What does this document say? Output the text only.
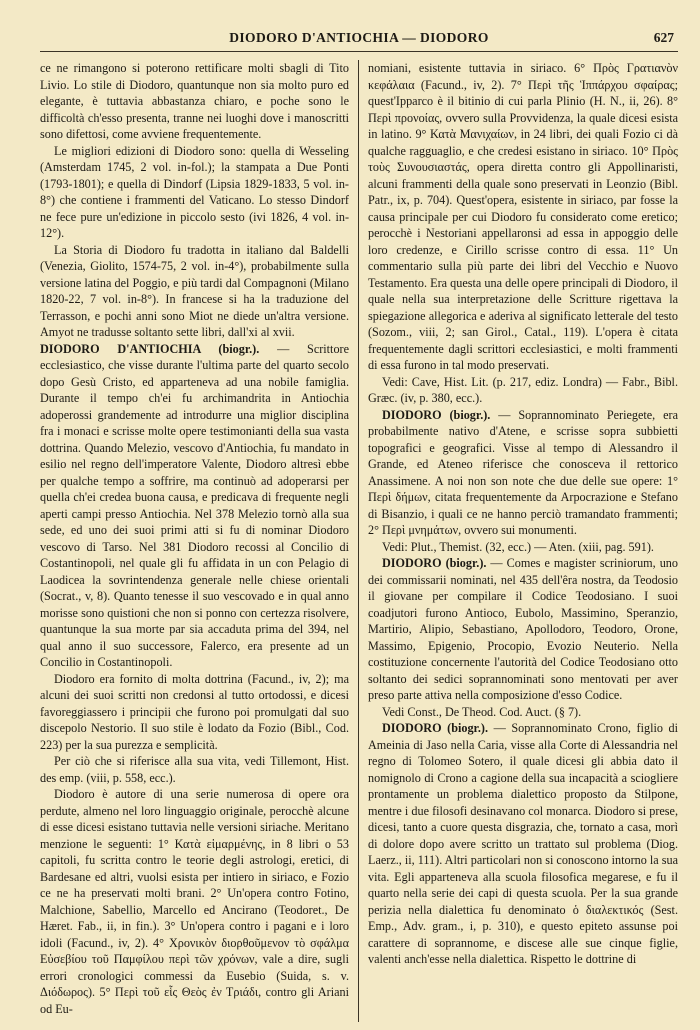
DIODORO D'ANTIOCHIA — DIODORO	627

ce ne rimangono si poterono rettificare molti sbagli di Tito Livio. Lo stile di Diodoro, quantunque non sia molto puro ed elegante, è tuttavia abbastanza chiaro, e poche sono le difficoltà ch'esso presenta, tranne nei luoghi dove i manoscritti sono difettosi, come avviene frequentemente.

Le migliori edizioni di Diodoro sono: quella di Wesseling (Amsterdam 1745, 2 vol. in-fol.); la stampata a Due Ponti (1793-1801); e quella di Dindorf (Lipsia 1829-1833, 5 vol. in-8°) che contiene i frammenti del Vaticano. Lo stesso Dindorf ne fece pure un'edizione in piccolo sesto (ivi 1826, 4 vol. in-12°).

La Storia di Diodoro fu tradotta in italiano dal Baldelli (Venezia, Giolito, 1574-75, 2 vol. in-4°), probabilmente sulla versione latina del Poggio, e più tardi dal Compagnoni (Milano 1820-22, 7 vol. in-8°). In francese si ha la traduzione del Terrasson, e pochi anni sono Miot ne diede un'altra versione. Amyot ne tradusse soltanto sette libri, dall'xi al xvii.

DIODORO D'ANTIOCHIA (biogr.). — Scrittore ecclesiastico, che visse durante l'ultima parte del quarto secolo dopo Gesù Cristo, ed apparteneva ad una nobile famiglia. Durante il tempo ch'ei fu archimandrita in Antiochia adoperossi grandemente ad introdurre una miglior disciplina fra i monaci e scrisse molte opere testimonianti della sua vasta dottrina. Quando Melezio, vescovo d'Antiochia, fu mandato in esilio nel regno dell'imperatore Valente, Diodoro altresì ebbe per qualche tempo a soffrire, ma continuò ad adoperarsi per quella ch'ei credea buona causa, e predicava di frequente negli aperti campi presso Antiochia. Nel 378 Melezio tornò alla sua sede, ed uno dei suoi primi atti si fu di nominar Diodoro vescovo di Tarso. Nel 381 Diodoro recossi al Concilio di Costantinopoli, nel quale gli fu affidata in un con Pelagio di Laodicea la sovrintendenza generale nelle chiese orientali (Socrat., v, 8). Quanto tenesse il suo vescovado e in qual anno morisse sono quistioni che non si ponno con certezza risolvere, quantunque la sua morte par sia accaduta prima del 394, nel qual anno il suo successore, Falerco, era presente ad un Concilio in Costantinopoli.

Diodoro era fornito di molta dottrina (Facund., iv, 2); ma alcuni dei suoi scritti non credonsi al tutto ortodossi, e dicesi favoreggiassero i principii che furono poi promulgati dal suo discepolo Nestorio. Il suo stile è lodato da Fozio (Bibl., Cod. 223) per la sua purezza e semplicità.

Per ciò che si riferisce alla sua vita, vedi Tillemont, Hist. des emp. (viii, p. 558, ecc.).

Diodoro è autore di una serie numerosa di opere ora perdute, almeno nel loro linguaggio originale, perocchè alcune di esse dicesi esistano tuttavia nelle versioni siriache. Meritano menzione le seguenti: 1° Κατὰ εἱμαρμένης, in 8 libri o 53 capitoli, fu scritta contro le teorie degli astrologi, eretici, di Bardesane ed altri, vuolsi esista per intiero in siriaco, e Fozio ce ne ha preservati molti brani. 2° Un'opera contro Fotino, Malchione, Sabellio, Marcello ed Ancirano (Teodoret., De Hæret. Fab., ii, in fin.). 3° Un'opera contro i pagani e i loro idoli (Facund., iv, 2). 4° Χρονικὸν διορθοῦμενον τὸ σφάλμα Εὐσεβίου τοῦ Παμφίλου περὶ τῶν χρόνων, vale a dire, sugli errori cronologici commessi da Eusebio (Suida, s. v. Διόδωρος). 5° Περὶ τοῦ εἷς Θεὸς ἐν Τριάδι, contro gli Ariani od Eu-

nomiani, esistente tuttavia in siriaco. 6° Πρὸς Γρατιανὸν κεφάλαια (Facund., iv, 2). 7° Περὶ τῆς Ἱππάρχου σφαίρας; quest'Ipparco è il bitinio di cui parla Plinio (H. N., ii, 26). 8° Περὶ προνοίας, ovvero sulla Provvidenza, la quale dicesi esista in latino. 9° Κατὰ Μανιχαίων, in 24 libri, dei quali Fozio ci dà qualche ragguaglio, e che credesi esistano in siriaco. 10° Πρὸς τοὺς Συνουσιαστάς, opera diretta contro gli Appollinaristi, alcuni frammenti della quale sono preservati in Leonzio (Bibl. Patr., ix, p. 704). Quest'opera, esistente in siriaco, par fosse la causa principale per cui Diodoro fu considerato come eretico; perocchè i Nestoriani appellaronsi ad essa in appoggio delle loro credenze, e Cirillo scrisse contro di essa. 11° Un commentario sulla più parte dei libri del Vecchio e Nuovo Testamento. Era questa una delle opere principali di Diodoro, il quale nella sua interpretazione delle Scritture rigettava la spiegazione allegorica e aderiva al significato letterale del testo (Sozom., viii, 2; san Girol., Catal., 119). L'opera è citata frequentemente dagli scrittori ecclesiastici, e molti frammenti di essa furono in tal modo preservati.

Vedi: Cave, Hist. Lit. (p. 217, ediz. Londra) — Fabr., Bibl. Græc. (iv, p. 380, ecc.).

DIODORO (biogr.). — Soprannominato Periegete, era probabilmente nativo d'Atene, e scrisse sopra subbietti topografici e geografici. Visse al tempo di Alessandro il Grande, ed Ateneo riferisce che conosceva il rettorico Anassimene. A noi non son note che due delle sue opere: 1° Περὶ δήμων, citata frequentemente da Arpocrazione e Stefano di Bisanzio, i quali ce ne hanno perciò tramandato frammenti; 2° Περὶ μνημάτων, ovvero sui monumenti.

Vedi: Plut., Themist. (32, ecc.) — Aten. (xiii, pag. 591).

DIODORO (biogr.). — Comes e magister scriniorum, uno dei commissarii nominati, nel 435 dell'êra nostra, da Teodosio il giovane per compilare il Codice Teodosiano. I suoi coadjutori furono Antioco, Eubolo, Massimino, Speranzio, Martirio, Alipio, Sebastiano, Apollodoro, Teodoro, Orone, Massimo, Epigenio, Procopio, Evozio Neuterio. Nella costituzione concernente l'autorità del Codice Teodosiano otto soltanto dei sedici soprannominati sono mentovati per aver preso parte attiva nella composizione d'esso Codice.

Vedi Const., De Theod. Cod. Auct. (§ 7).

DIODORO (biogr.). — Soprannominato Crono, figlio di Ameinia di Jaso nella Caria, visse alla Corte di Alessandria nel regno di Tolomeo Sotero, il quale dicesi gli abbia dato il nomignolo di Crono a cagione della sua incapacità a sciogliere prontamente un problema dialettico proposto da Stilpone, mentre i due filosofi desinavano col monarca. Diodoro si prese, dicesi, tanto a cuore questa disgrazia, che, tornato a casa, morì di dolore dopo avere scritto un trattato sul problema (Diog. Laerz., ii, 111). Altri particolari non si conoscono intorno la sua vita. Egli apparteneva alla scuola filosofica megarese, e fu il quarto nella serie dei capi di questa scuola. Per la sua grande perizia nella dialettica fu denominato ὁ διαλεκτικός (Sest. Emp., Adv. gram., i, p. 310), e questo epiteto assunse poi carattere di soprannome, e discese alle sue cinque figlie, valenti anch'esse nella dialettica. Rispetto le dottrine di
